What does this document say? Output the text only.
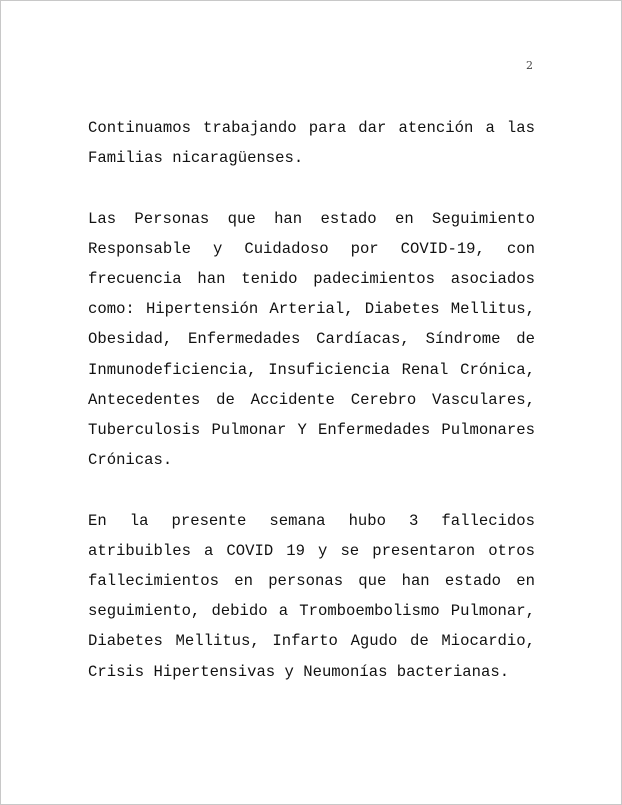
2

Continuamos trabajando para dar atención a las Familias nicaragüenses.

Las Personas que han estado en Seguimiento Responsable y Cuidadoso por COVID-19, con frecuencia han tenido padecimientos asociados como: Hipertensión Arterial, Diabetes Mellitus, Obesidad, Enfermedades Cardíacas, Síndrome de Inmunodeficiencia, Insuficiencia Renal Crónica, Antecedentes de Accidente Cerebro Vasculares, Tuberculosis Pulmonar Y Enfermedades Pulmonares Crónicas.

En la presente semana hubo 3 fallecidos atribuibles a COVID 19 y se presentaron otros fallecimientos en personas que han estado en seguimiento, debido a Tromboembolismo Pulmonar, Diabetes Mellitus, Infarto Agudo de Miocardio, Crisis Hipertensivas y Neumonías bacterianas.
